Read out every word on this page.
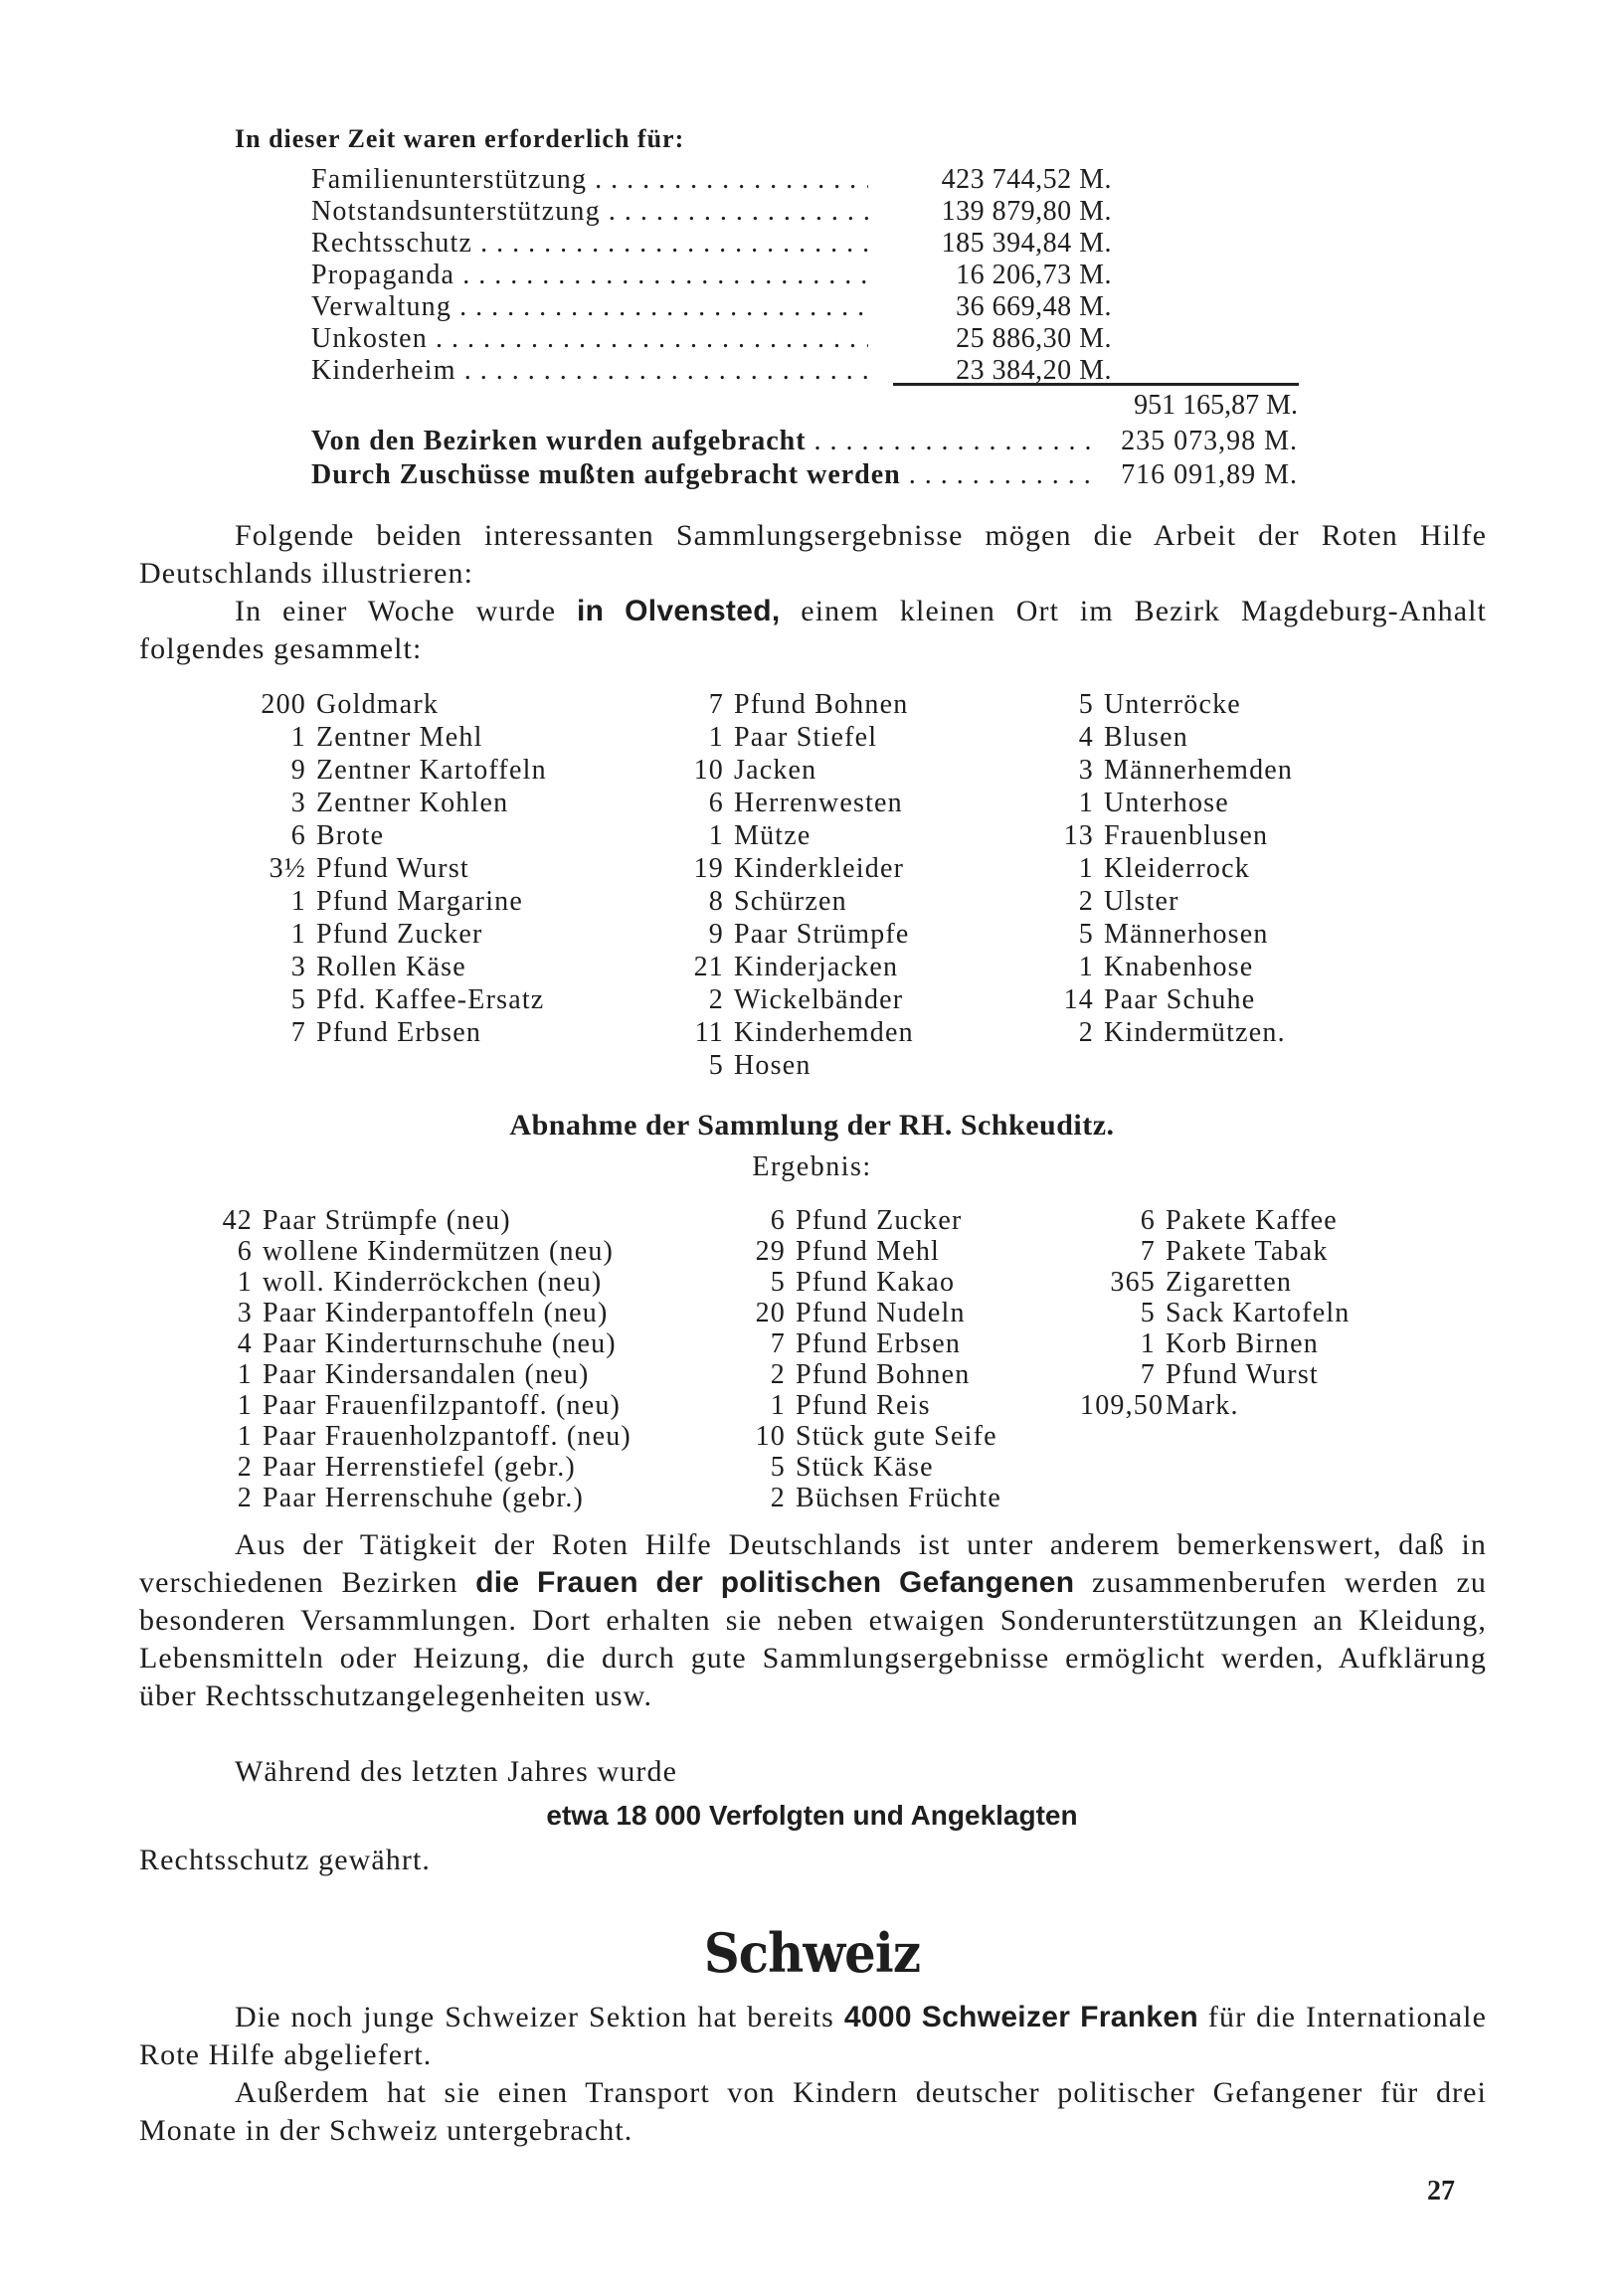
In dieser Zeit waren erforderlich für:
Familienunterstützung . . .	423 744,52 M.
Notstandsunterstützung . . .	139 879,80 M.
Rechtsschutz . . .	185 394,84 M.
Propaganda . . .	16 206,73 M.
Verwaltung . . .	36 669,48 M.
Unkosten . . .	25 886,30 M.
Kinderheim . . .	23 384,20 M.
951 165,87 M.
Von den Bezirken wurden aufgebracht . . .	235 073,98 M.
Durch Zuschüsse mußten aufgebracht werden . . .	716 091,89 M.
Folgende beiden interessanten Sammlungsergebnisse mögen die Arbeit der Roten Hilfe Deutschlands illustrieren:
In einer Woche wurde in Olvensted, einem kleinen Ort im Bezirk Magdeburg-Anhalt folgendes gesammelt:
200 Goldmark
1 Zentner Mehl
9 Zentner Kartoffeln
3 Zentner Kohlen
6 Brote
3½ Pfund Wurst
1 Pfund Margarine
1 Pfund Zucker
3 Rollen Käse
5 Pfd. Kaffee-Ersatz
7 Pfund Erbsen
7 Pfund Bohnen
1 Paar Stiefel
10 Jacken
6 Herrenwesten
1 Mütze
19 Kinderkleider
8 Schürzen
9 Paar Strümpfe
21 Kinderjacken
2 Wickelbänder
11 Kinderhemden
5 Hosen
5 Unterröcke
4 Blusen
3 Männerhemden
1 Unterhose
13 Frauenblusen
1 Kleiderrock
2 Ulster
5 Männerhosen
1 Knabenhose
14 Paar Schuhe
2 Kindermützen.
Abnahme der Sammlung der RH. Schkeuditz.
Ergebnis:
42 Paar Strümpfe (neu)
6 wollene Kindermützen (neu)
1 woll. Kinderröckchen (neu)
3 Paar Kinderpantoffeln (neu)
4 Paar Kinderturnschuhe (neu)
1 Paar Kindersandalen (neu)
1 Paar Frauenfilzpantoff. (neu)
1 Paar Frauenholzpantoff. (neu)
2 Paar Herrenstiefel (gebr.)
2 Paar Herrenschuhe (gebr.)
6 Pfund Zucker
29 Pfund Mehl
5 Pfund Kakao
20 Pfund Nudeln
7 Pfund Erbsen
2 Pfund Bohnen
1 Pfund Reis
10 Stück gute Seife
5 Stück Käse
2 Büchsen Früchte
6 Pakete Kaffee
7 Pakete Tabak
365 Zigaretten
5 Sack Kartofeln
1 Korb Birnen
7 Pfund Wurst
109,50Mark.
Aus der Tätigkeit der Roten Hilfe Deutschlands ist unter anderem bemerkenswert, daß in verschiedenen Bezirken die Frauen der politischen Gefangenen zusammenberufen werden zu besonderen Versammlungen. Dort erhalten sie neben etwaigen Sonderunterstützungen an Kleidung, Lebensmitteln oder Heizung, die durch gute Sammlungsergebnisse ermöglicht werden, Aufklärung über Rechtsschutzangelegenheiten usw.
Während des letzten Jahres wurde
etwa 18 000 Verfolgten und Angeklagten
Rechtsschutz gewährt.
Schweiz
Die noch junge Schweizer Sektion hat bereits 4000 Schweizer Franken für die Internationale Rote Hilfe abgeliefert.
Außerdem hat sie einen Transport von Kindern deutscher politischer Gefangener für drei Monate in der Schweiz untergebracht.
27
